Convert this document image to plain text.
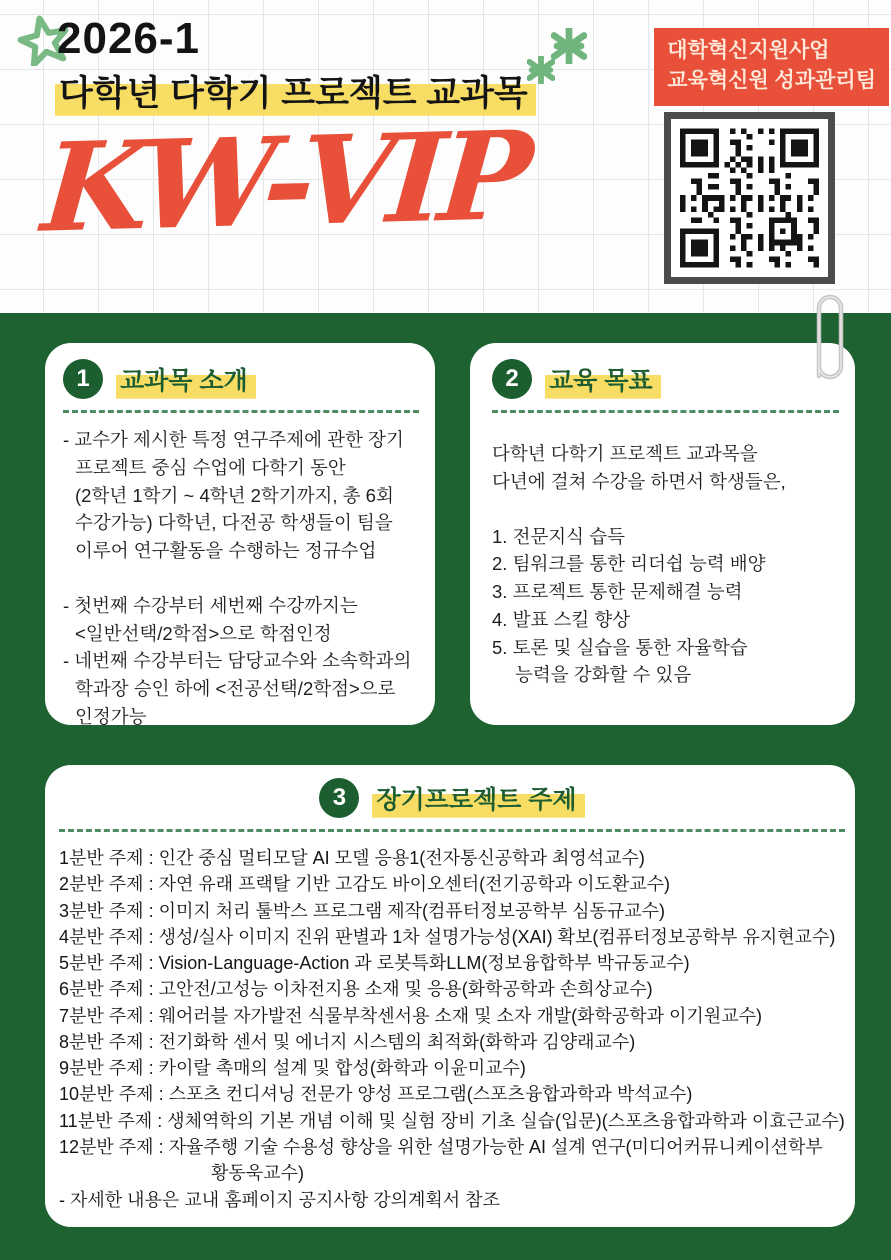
2026-1
다학년 다학기 프로젝트 교과목
KW-VIP
대학혁신지원사업
교육혁신원 성과관리팀
1	교과목 소개
- 교수가 제시한 특정 연구주제에 관한 장기
프로젝트 중심 수업에 다학기 동안
(2학년 1학기 ~ 4학년 2학기까지, 총 6회
수강가능) 다학년, 다전공 학생들이 팀을
이루어 연구활동을 수행하는 정규수업
- 첫번째 수강부터 세번째 수강까지는
<일반선택/2학점>으로 학점인정
- 네번째 수강부터는 담당교수와 소속학과의
학과장 승인 하에 <전공선택/2학점>으로
인정가능
2	교육 목표
다학년 다학기 프로젝트 교과목을
다년에 걸쳐 수강을 하면서 학생들은,
1. 전문지식 습득
2. 팀워크를 통한 리더쉽 능력 배양
3. 프로젝트 통한 문제해결 능력
4. 발표 스킬 향상
5. 토론 및 실습을 통한 자율학습
능력을 강화할 수 있음
3	장기프로젝트 주제
1분반 주제 : 인간 중심 멀티모달 AI 모델 응용1(전자통신공학과 최영석교수)
2분반 주제 : 자연 유래 프랙탈 기반 고감도 바이오센터(전기공학과 이도환교수)
3분반 주제 : 이미지 처리 툴박스 프로그램 제작(컴퓨터정보공학부 심동규교수)
4분반 주제 : 생성/실사 이미지 진위 판별과 1차 설명가능성(XAI) 확보(컴퓨터정보공학부 유지현교수)
5분반 주제 : Vision-Language-Action 과 로봇특화LLM(정보융합학부 박규동교수)
6분반 주제 : 고안전/고성능 이차전지용 소재 및 응용(화학공학과 손희상교수)
7분반 주제 : 웨어러블 자가발전 식물부착센서용 소재 및 소자 개발(화학공학과 이기원교수)
8분반 주제 : 전기화학 센서 및 에너지 시스템의 최적화(화학과 김양래교수)
9분반 주제 : 카이랄 촉매의 설계 및 합성(화학과 이윤미교수)
10분반 주제 : 스포츠 컨디셔닝 전문가 양성 프로그램(스포츠융합과학과 박석교수)
11분반 주제 : 생체역학의 기본 개념 이해 및 실험 장비 기초 실습(입문)(스포츠융합과학과 이효근교수)
12분반 주제 : 자율주행 기술 수용성 향상을 위한 설명가능한 AI 설계 연구(미디어커뮤니케이션학부
황동욱교수)
- 자세한 내용은 교내 홈페이지 공지사항 강의계획서 참조
